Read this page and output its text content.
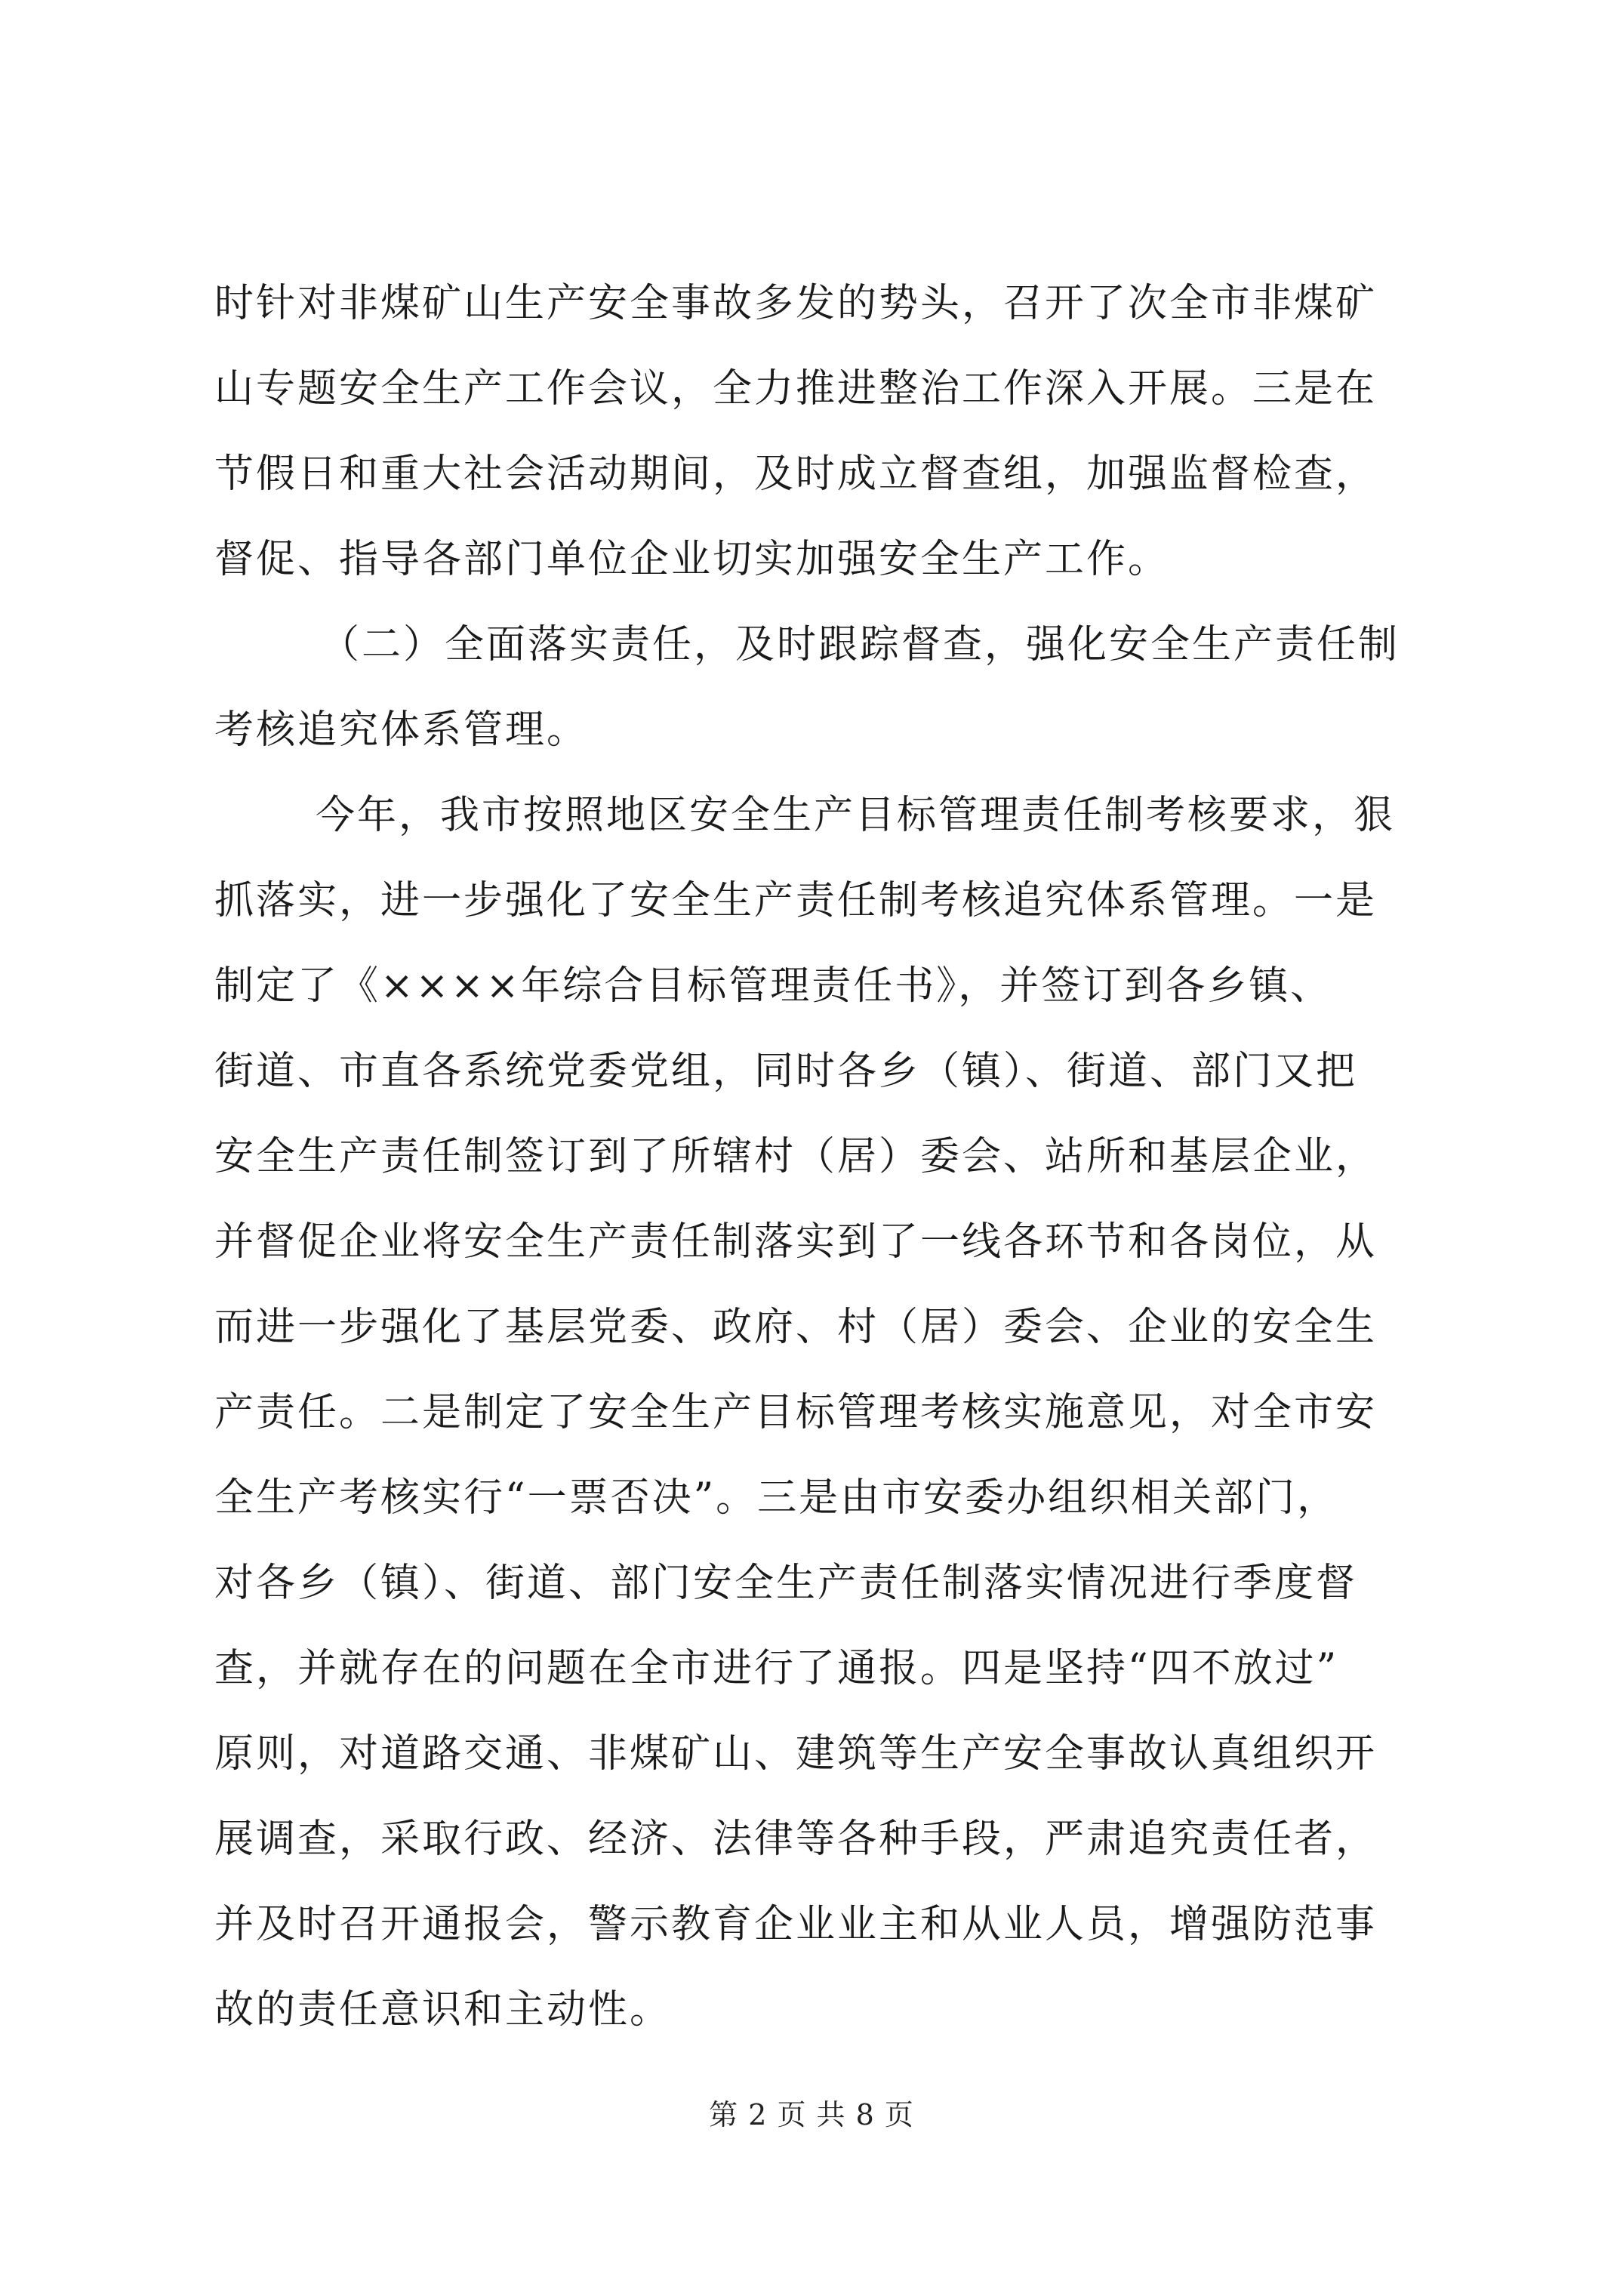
时针对非煤矿山生产安全事故多发的势头，召开了次全市非煤矿
山专题安全生产工作会议，全力推进整治工作深入开展。三是在
节假日和重大社会活动期间，及时成立督查组，加强监督检查，
督促、指导各部门单位企业切实加强安全生产工作。
（二）全面落实责任，及时跟踪督查，强化安全生产责任制
考核追究体系管理。
今年，我市按照地区安全生产目标管理责任制考核要求，狠
抓落实，进一步强化了安全生产责任制考核追究体系管理。一是
制定了《××××年综合目标管理责任书》，并签订到各乡镇、
街道、市直各系统党委党组，同时各乡（镇）、街道、部门又把
安全生产责任制签订到了所辖村（居）委会、站所和基层企业，
并督促企业将安全生产责任制落实到了一线各环节和各岗位，从
而进一步强化了基层党委、政府、村（居）委会、企业的安全生
产责任。二是制定了安全生产目标管理考核实施意见，对全市安
全生产考核实行“一票否决”。三是由市安委办组织相关部门，
对各乡（镇）、街道、部门安全生产责任制落实情况进行季度督
查，并就存在的问题在全市进行了通报。四是坚持“四不放过”
原则，对道路交通、非煤矿山、建筑等生产安全事故认真组织开
展调查，采取行政、经济、法律等各种手段，严肃追究责任者，
并及时召开通报会，警示教育企业业主和从业人员，增强防范事
故的责任意识和主动性。
第 2 页 共 8 页
